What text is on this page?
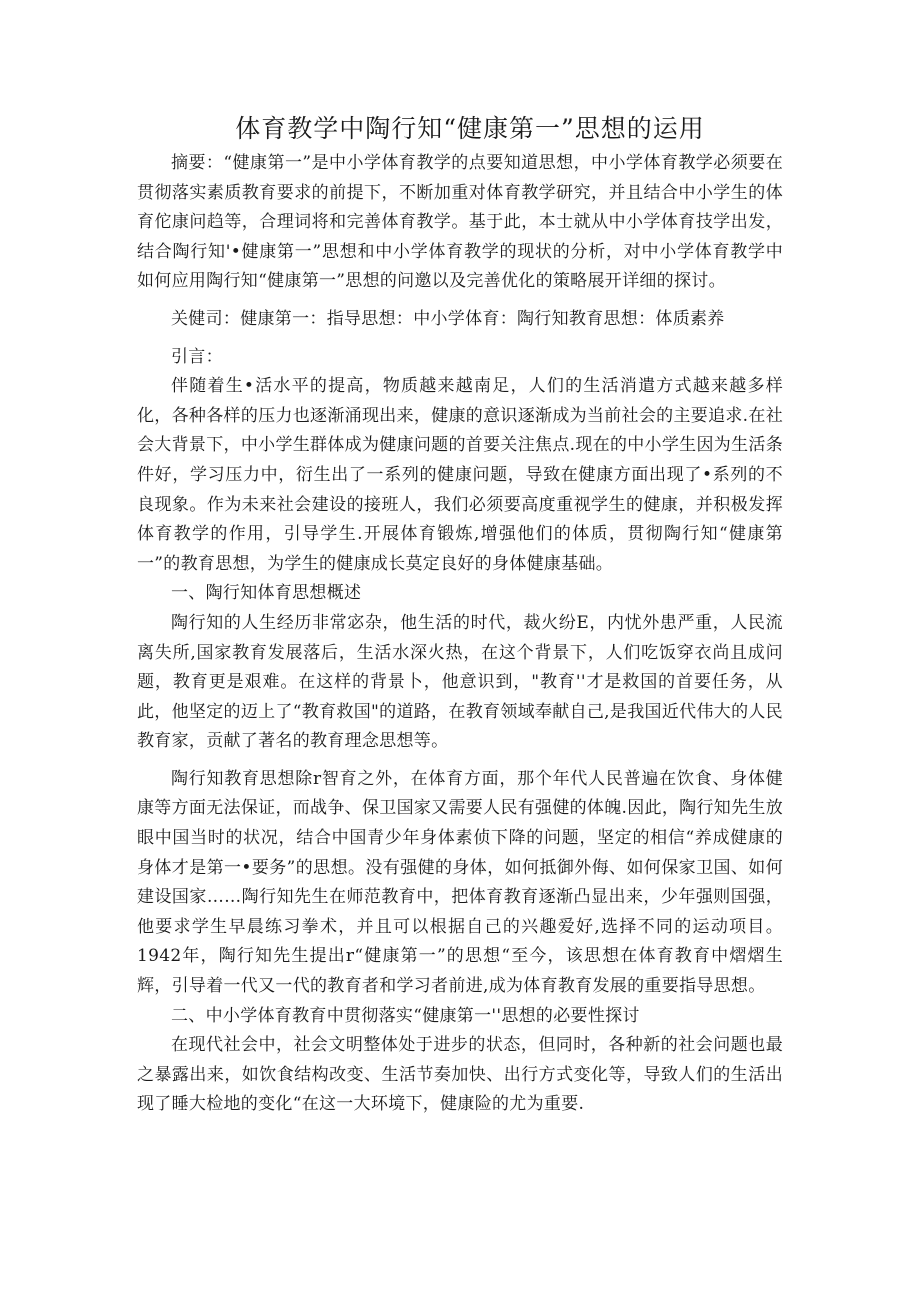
体育教学中陶行知“健康第一”思想的运用

摘要：“健康第一”是中小学体育教学的点要知道思想，中小学体育教学必须要在贯彻落实素质教育要求的前提下，不断加重对体育教学研究，并且结合中小学生的体育佗康问趋等，合理词将和完善体育教学。基于此，本士就从中小学体育技学出发，结合陶行知'•健康第一”思想和中小学体育教学的现状的分析，对中小学体育教学中如何应用陶行知“健康第一”思想的问邀以及完善优化的策略展开详细的探讨。

关健司：健康第一：指导思想：中小学体育：陶行知教育思想：体质素养

引言：

伴随着生•活水平的提高，物质越来越南足，人们的生活消遣方式越来越多样化，各种各样的压力也逐渐涌现出来，健康的意识逐渐成为当前社会的主要追求.在社会大背景下，中小学生群体成为健康问题的首要关注焦点.现在的中小学生因为生活条件好，学习压力中，衍生出了一系列的健康问题，导致在健康方面出现了•系列的不良现象。作为未来社会建设的接班人，我们必须要高度重视学生的健康，并积极发挥体育教学的作用，引导学生.开展体育锻炼,增强他们的体质，贯彻陶行知“健康第一”的教育思想，为学生的健康成长莫定良好的身体健康基础。

一、陶行知体育思想概述

陶行知的人生经历非常宓杂，他生活的时代，裁火纷E，内忧外患严重，人民流离失所,国家教育发展落后，生活水深火热，在这个背景下，人们吃饭穿衣尚且成问题，教育更是艰难。在这样的背景卜，他意识到，"教育''才是救国的首要任务，从此，他坚定的迈上了“教育救国"的道路，在教育领域奉献自己,是我国近代伟大的人民教育家，贡献了著名的教育理念思想等。

陶行知教育思想除r智育之外，在体育方面，那个年代人民普遍在饮食、身体健康等方面无法保证，而战争、保卫国家又需要人民有强健的体魄.因此，陶行知先生放眼中国当时的状况，结合中国青少年身体素侦下降的问题，坚定的相信“养成健康的身体才是第一•要务”的思想。没有强健的身体，如何抵御外侮、如何保家卫国、如何建设国家……陶行知先生在师范教育中，把体育教育逐渐凸显出来，少年强则国强，他要求学生早晨练习拳术，并且可以根据自己的兴趣爱好,选择不同的运动项目。1942年，陶行知先生提出r“健康第一”的思想“至今，该思想在体育教育中熠熠生辉，引导着一代又一代的教育者和学习者前进,成为体育教育发展的重要指导思想。

二、中小学体育教育中贯彻落实“健康第一''思想的必要性探讨

在现代社会中，社会文明整体处于进步的状态，但同时，各种新的社会问题也最之暴露出来，如饮食结构改变、生活节奏加快、出行方式变化等，导致人们的生活出现了睡大检地的变化“在这一大环境下，健康险的尤为重要.
